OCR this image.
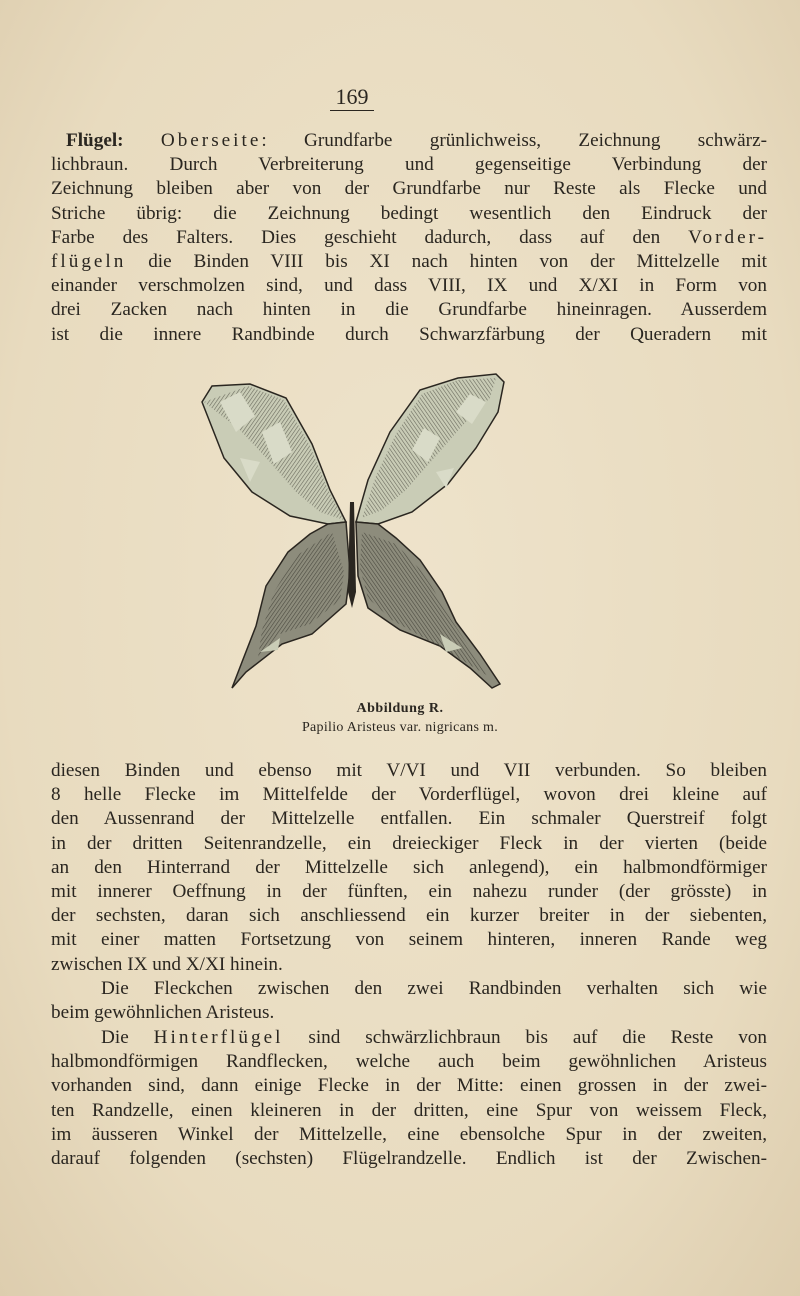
169
Flügel: Oberseite: Grundfarbe grünlichweiss, Zeichnung schwärz-
lichbraun. Durch Verbreiterung und gegenseitige Verbindung der
Zeichnung bleiben aber von der Grundfarbe nur Reste als Flecke und
Striche übrig: die Zeichnung bedingt wesentlich den Eindruck der
Farbe des Falters. Dies geschieht dadurch, dass auf den Vorder-
flügeln die Binden VIII bis XI nach hinten von der Mittelzelle mit
einander verschmolzen sind, und dass VIII, IX und X/XI in Form von
drei Zacken nach hinten in die Grundfarbe hineinragen. Ausserdem
ist die innere Randbinde durch Schwarzfärbung der Queradern mit
Abbildung R.
Papilio Aristeus var. nigricans m.
diesen Binden und ebenso mit V/VI und VII verbunden. So bleiben
8 helle Flecke im Mittelfelde der Vorderflügel, wovon drei kleine auf
den Aussenrand der Mittelzelle entfallen. Ein schmaler Querstreif folgt
in der dritten Seitenrandzelle, ein dreieckiger Fleck in der vierten (beide
an den Hinterrand der Mittelzelle sich anlegend), ein halbmondförmiger
mit innerer Oeffnung in der fünften, ein nahezu runder (der grösste) in
der sechsten, daran sich anschliessend ein kurzer breiter in der siebenten,
mit einer matten Fortsetzung von seinem hinteren, inneren Rande weg
zwischen IX und X/XI hinein.
Die Fleckchen zwischen den zwei Randbinden verhalten sich wie
beim gewöhnlichen Aristeus.
Die Hinterflügel sind schwärzlichbraun bis auf die Reste von
halbmondförmigen Randflecken, welche auch beim gewöhnlichen Aristeus
vorhanden sind, dann einige Flecke in der Mitte: einen grossen in der zwei-
ten Randzelle, einen kleineren in der dritten, eine Spur von weissem Fleck,
im äusseren Winkel der Mittelzelle, eine ebensolche Spur in der zweiten,
darauf folgenden (sechsten) Flügelrandzelle. Endlich ist der Zwischen-
